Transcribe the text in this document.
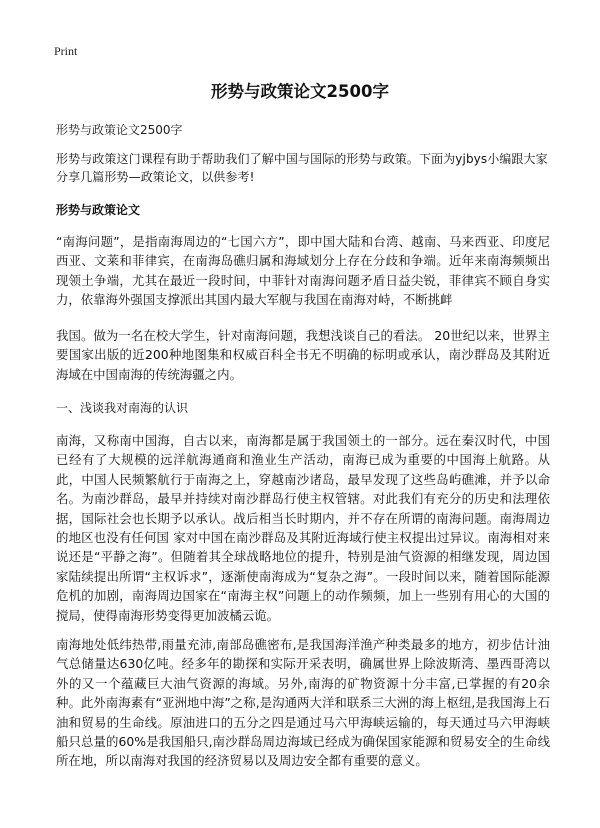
Print
形势与政策论文2500字
形势与政策论文2500字
形势与政策这门课程有助于帮助我们了解中国与国际的形势与政策。下面为yjbys小编跟大家分享几篇形势—政策论文，以供参考!
形势与政策论文
“南海问题”，是指南海周边的“七国六方”，即中国大陆和台湾、越南、马来西亚、印度尼西亚、文莱和菲律宾，在南海岛礁归属和海域划分上存在分歧和争端。近年来南海频频出现领土争端，尤其在最近一段时间，中菲针对南海问题矛盾日益尖锐，菲律宾不顾自身实力，依靠海外强国支撑派出其国内最大军舰与我国在南海对峙，不断挑衅
我国。做为一名在校大学生，针对南海问题，我想浅谈自己的看法。 20世纪以来，世界主要国家出版的近200种地图集和权威百科全书无不明确的标明或承认，南沙群岛及其附近海域在中国南海的传统海疆之内。
一、浅谈我对南海的认识
南海，又称南中国海，自古以来，南海都是属于我国领土的一部分。远在秦汉时代，中国已经有了大规模的远洋航海通商和渔业生产活动，南海已成为重要的中国海上航路。从此，中国人民频繁航行于南海之上，穿越南沙诸岛，最早发现了这些岛屿礁滩，并予以命名。为南沙群岛，最早并持续对南沙群岛行使主权管辖。对此我们有充分的历史和法理依据，国际社会也长期予以承认。战后相当长时期内，并不存在所谓的南海问题。南海周边的地区也没有任何国 家对中国在南沙群岛及其附近海域行使主权提出过异议。南海相对来说还是“平静之海”。但随着其全球战略地位的提升，特别是油气资源的相继发现，周边国家陆续提出所谓“主权诉求”，逐渐使南海成为“复杂之海”。一段时间以来，随着国际能源危机的加剧，南海周边国家在“南海主权”问题上的动作频频，加上一些别有用心的大国的搅局，使得南海形势变得更加波橘云诡。
南海地处低纬热带,雨量充沛,南部岛礁密布,是我国海洋渔产种类最多的地方，初步估计油气总储量达630亿吨。经多年的勘探和实际开采表明，确属世界上除波斯湾、墨西哥湾以外的又一个蕴藏巨大油气资源的海域。另外,南海的矿物资源十分丰富,已掌握的有20余种。此外南海素有“亚洲地中海”之称,是沟通两大洋和联系三大洲的海上枢纽,是我国海上石油和贸易的生命线。原油进口的五分之四是通过马六甲海峡运输的，每天通过马六甲海峡船只总量的60%是我国船只,南沙群岛周边海域已经成为确保国家能源和贸易安全的生命线所在地，所以南海对我国的经济贸易以及周边安全都有重要的意义。
